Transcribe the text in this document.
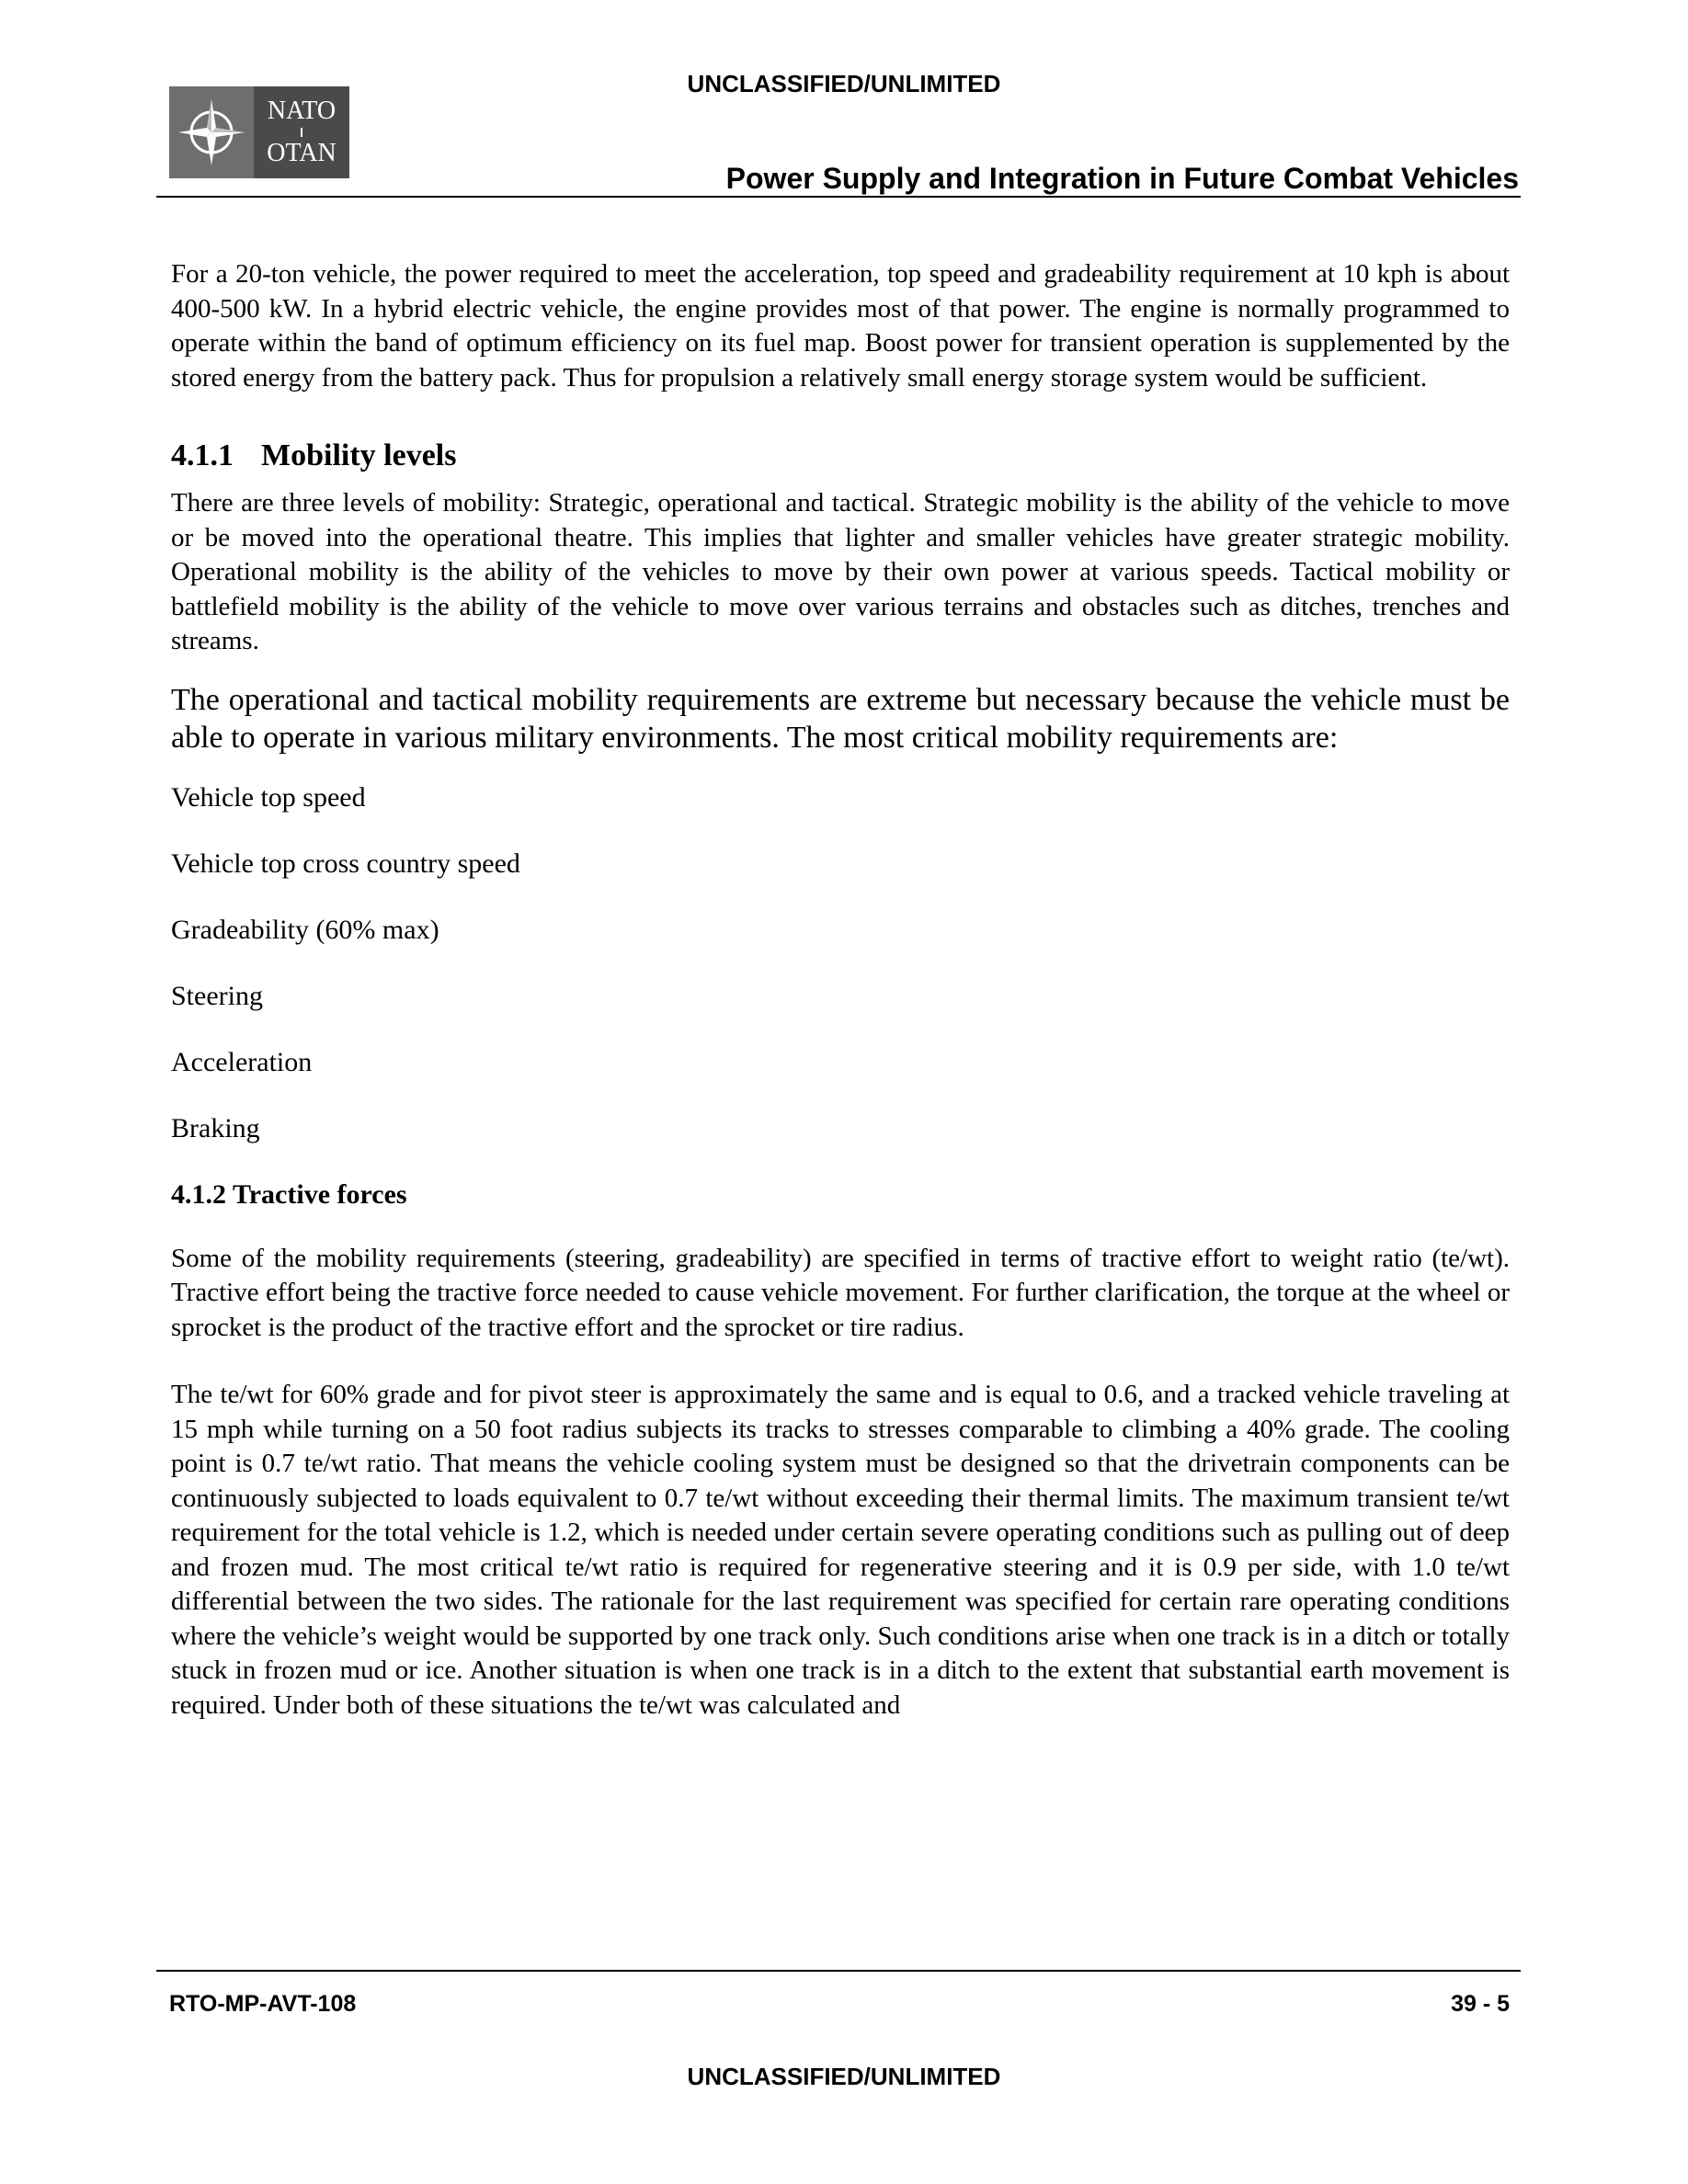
UNCLASSIFIED/UNLIMITED
NATO
OTAN
Power Supply and Integration in Future Combat Vehicles

For a 20-ton vehicle, the power required to meet the acceleration, top speed and gradeability requirement at 10 kph is about 400-500 kW. In a hybrid electric vehicle, the engine provides most of that power. The engine is normally programmed to operate within the band of optimum efficiency on its fuel map. Boost power for transient operation is supplemented by the stored energy from the battery pack. Thus for propulsion a relatively small energy storage system would be sufficient.

4.1.1 Mobility levels

There are three levels of mobility: Strategic, operational and tactical. Strategic mobility is the ability of the vehicle to move or be moved into the operational theatre. This implies that lighter and smaller vehicles have greater strategic mobility. Operational mobility is the ability of the vehicles to move by their own power at various speeds. Tactical mobility or battlefield mobility is the ability of the vehicle to move over various terrains and obstacles such as ditches, trenches and streams.

The operational and tactical mobility requirements are extreme but necessary because the vehicle must be able to operate in various military environments. The most critical mobility requirements are:

Vehicle top speed

Vehicle top cross country speed

Gradeability (60% max)

Steering

Acceleration

Braking

4.1.2 Tractive forces

Some of the mobility requirements (steering, gradeability) are specified in terms of tractive effort to weight ratio (te/wt). Tractive effort being the tractive force needed to cause vehicle movement. For further clarification, the torque at the wheel or sprocket is the product of the tractive effort and the sprocket or tire radius.

The te/wt for 60% grade and for pivot steer is approximately the same and is equal to 0.6, and a tracked vehicle traveling at 15 mph while turning on a 50 foot radius subjects its tracks to stresses comparable to climbing a 40% grade. The cooling point is 0.7 te/wt ratio. That means the vehicle cooling system must be designed so that the drivetrain components can be continuously subjected to loads equivalent to 0.7 te/wt without exceeding their thermal limits. The maximum transient te/wt requirement for the total vehicle is 1.2, which is needed under certain severe operating conditions such as pulling out of deep and frozen mud. The most critical te/wt ratio is required for regenerative steering and it is 0.9 per side, with 1.0 te/wt differential between the two sides. The rationale for the last requirement was specified for certain rare operating conditions where the vehicle’s weight would be supported by one track only. Such conditions arise when one track is in a ditch or totally stuck in frozen mud or ice. Another situation is when one track is in a ditch to the extent that substantial earth movement is required. Under both of these situations the te/wt was calculated and

RTO-MP-AVT-108	39 - 5
UNCLASSIFIED/UNLIMITED
